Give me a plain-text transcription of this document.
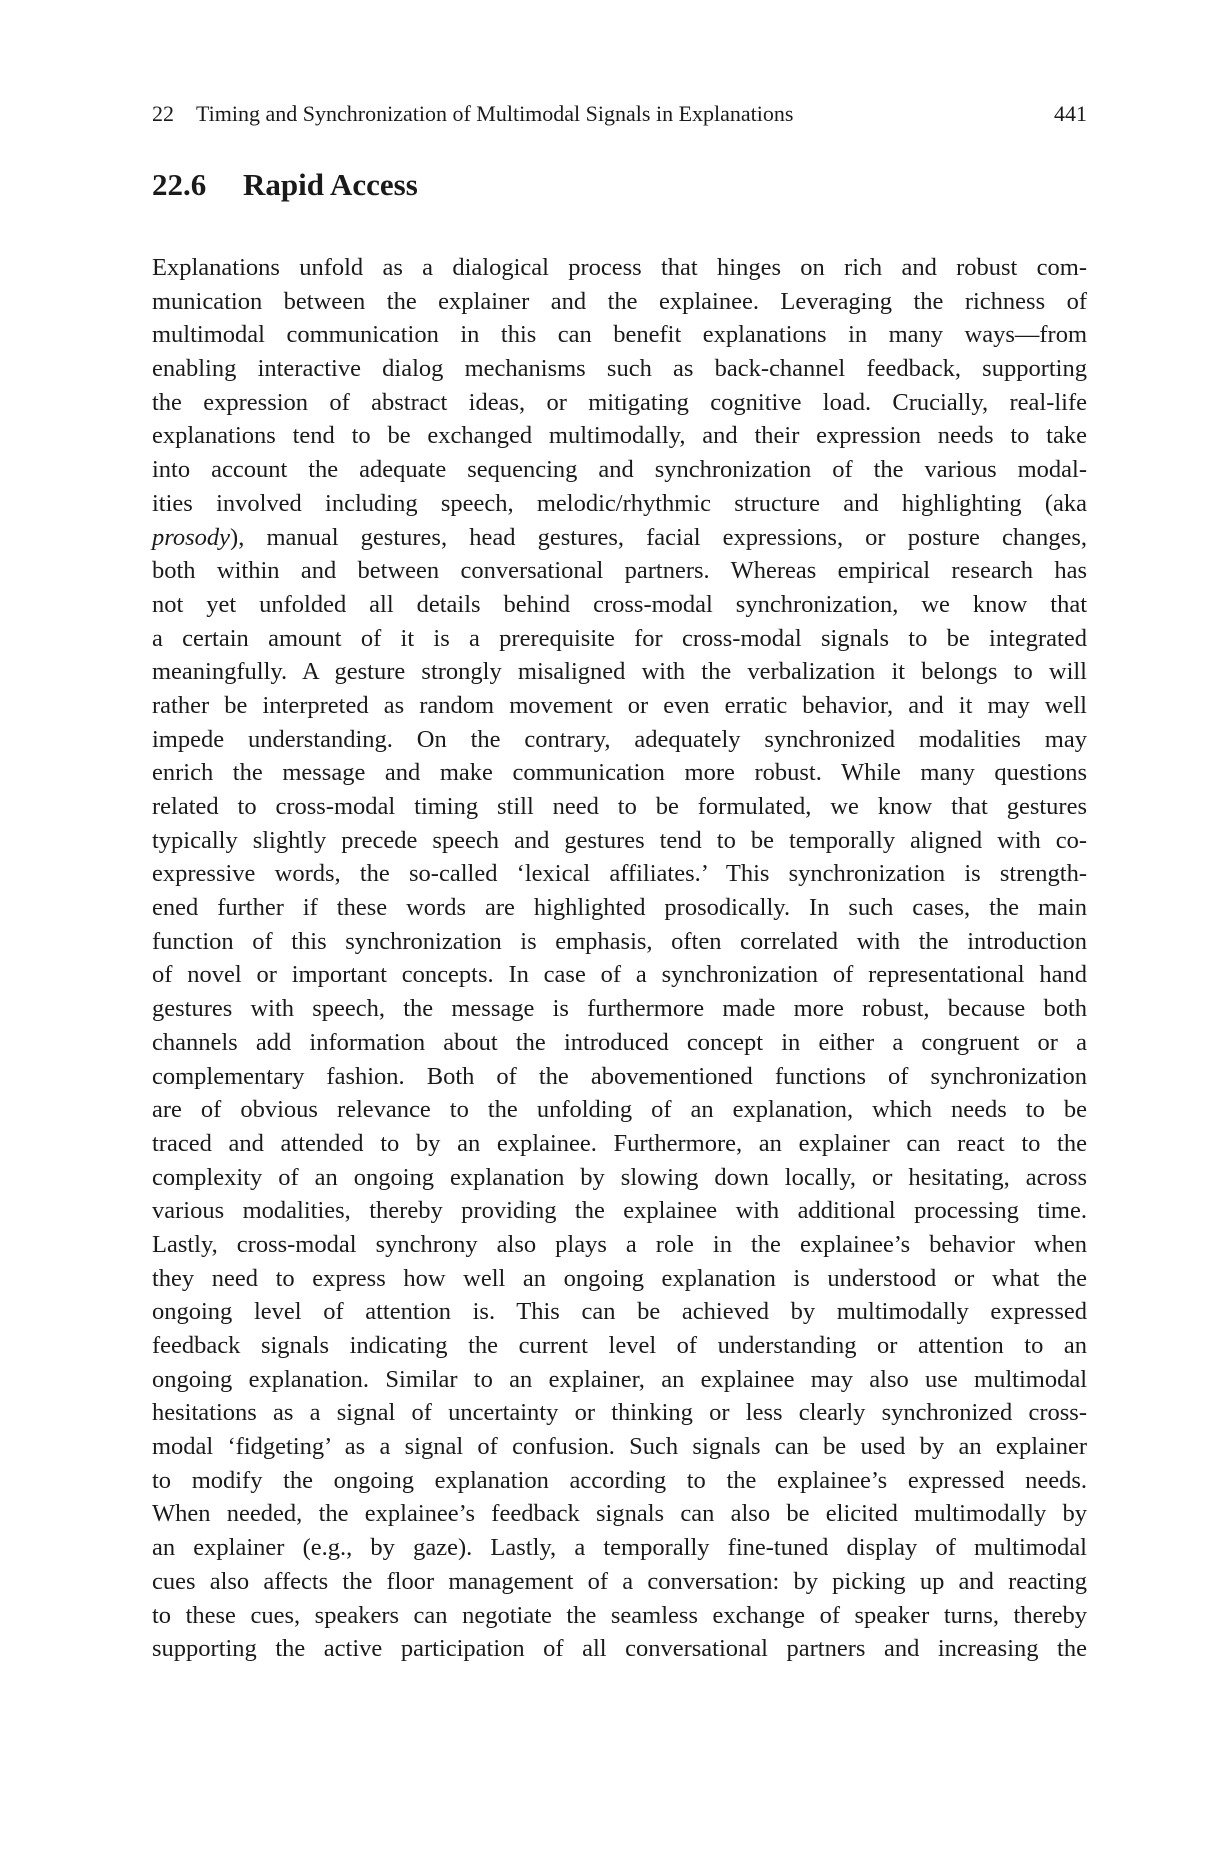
22 Timing and Synchronization of Multimodal Signals in Explanations	441
22.6 Rapid Access
Explanations unfold as a dialogical process that hinges on rich and robust com-
munication between the explainer and the explainee. Leveraging the richness of
multimodal communication in this can benefit explanations in many ways—from
enabling interactive dialog mechanisms such as back-channel feedback, supporting
the expression of abstract ideas, or mitigating cognitive load. Crucially, real-life
explanations tend to be exchanged multimodally, and their expression needs to take
into account the adequate sequencing and synchronization of the various modal-
ities involved including speech, melodic/rhythmic structure and highlighting (aka
prosody), manual gestures, head gestures, facial expressions, or posture changes,
both within and between conversational partners. Whereas empirical research has
not yet unfolded all details behind cross-modal synchronization, we know that
a certain amount of it is a prerequisite for cross-modal signals to be integrated
meaningfully. A gesture strongly misaligned with the verbalization it belongs to will
rather be interpreted as random movement or even erratic behavior, and it may well
impede understanding. On the contrary, adequately synchronized modalities may
enrich the message and make communication more robust. While many questions
related to cross-modal timing still need to be formulated, we know that gestures
typically slightly precede speech and gestures tend to be temporally aligned with co-
expressive words, the so-called ‘lexical affiliates.’ This synchronization is strength-
ened further if these words are highlighted prosodically. In such cases, the main
function of this synchronization is emphasis, often correlated with the introduction
of novel or important concepts. In case of a synchronization of representational hand
gestures with speech, the message is furthermore made more robust, because both
channels add information about the introduced concept in either a congruent or a
complementary fashion. Both of the abovementioned functions of synchronization
are of obvious relevance to the unfolding of an explanation, which needs to be
traced and attended to by an explainee. Furthermore, an explainer can react to the
complexity of an ongoing explanation by slowing down locally, or hesitating, across
various modalities, thereby providing the explainee with additional processing time.
Lastly, cross-modal synchrony also plays a role in the explainee’s behavior when
they need to express how well an ongoing explanation is understood or what the
ongoing level of attention is. This can be achieved by multimodally expressed
feedback signals indicating the current level of understanding or attention to an
ongoing explanation. Similar to an explainer, an explainee may also use multimodal
hesitations as a signal of uncertainty or thinking or less clearly synchronized cross-
modal ‘fidgeting’ as a signal of confusion. Such signals can be used by an explainer
to modify the ongoing explanation according to the explainee’s expressed needs.
When needed, the explainee’s feedback signals can also be elicited multimodally by
an explainer (e.g., by gaze). Lastly, a temporally fine-tuned display of multimodal
cues also affects the floor management of a conversation: by picking up and reacting
to these cues, speakers can negotiate the seamless exchange of speaker turns, thereby
supporting the active participation of all conversational partners and increasing the
